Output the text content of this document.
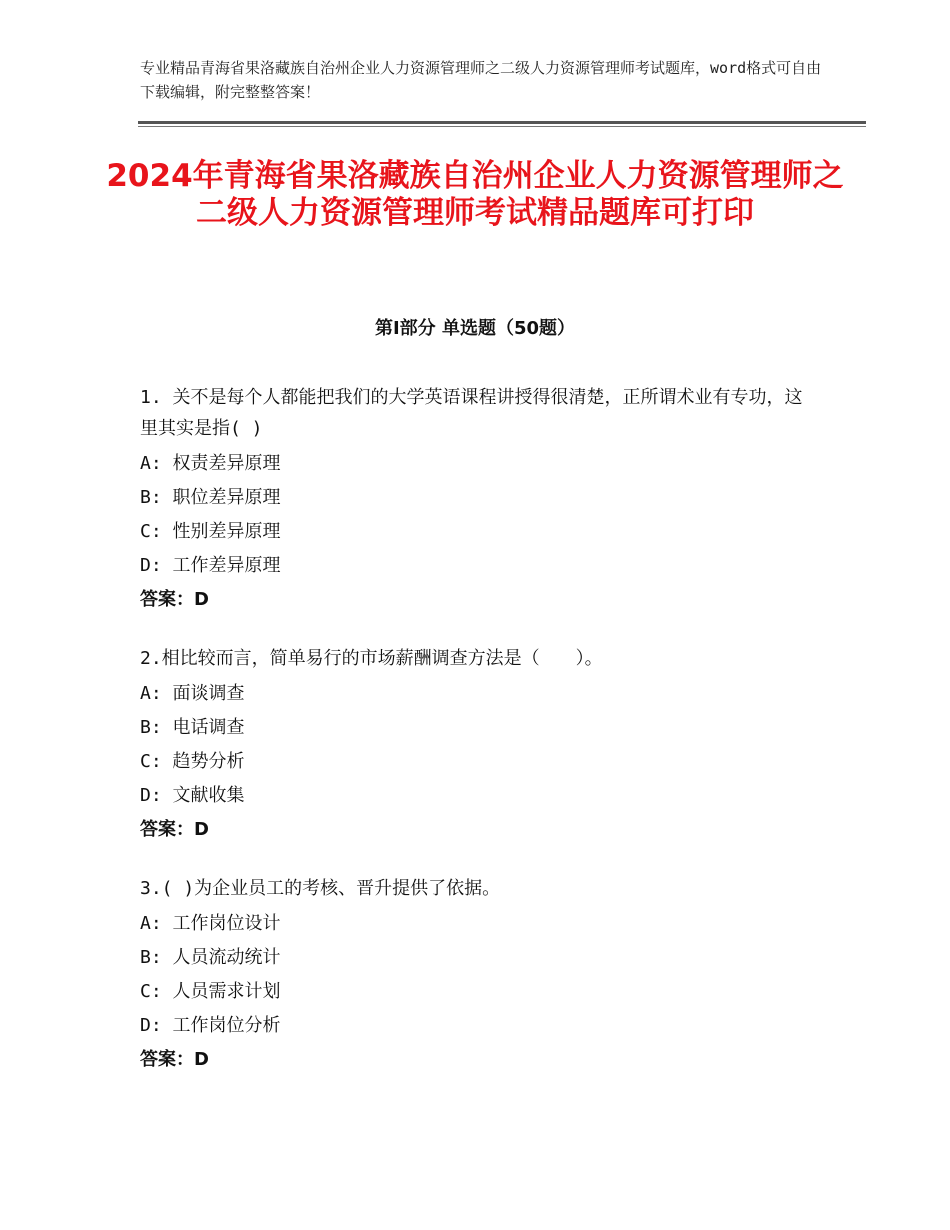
专业精品青海省果洛藏族自治州企业人力资源管理师之二级人力资源管理师考试题库，word格式可自由下载编辑，附完整整答案！
2024年青海省果洛藏族自治州企业人力资源管理师之二级人力资源管理师考试精品题库可打印
第Ⅰ部分 单选题（50题）

1. 关不是每个人都能把我们的大学英语课程讲授得很清楚，正所谓术业有专功，这里其实是指( )

A: 权责差异原理

B: 职位差异原理

C: 性别差异原理

D: 工作差异原理

答案：D

2.相比较而言，简单易行的市场薪酬调查方法是（　　）。

A: 面谈调查

B: 电话调查

C: 趋势分析

D: 文献收集

答案：D

3.( )为企业员工的考核、晋升提供了依据。

A: 工作岗位设计

B: 人员流动统计

C: 人员需求计划

D: 工作岗位分析

答案：D
